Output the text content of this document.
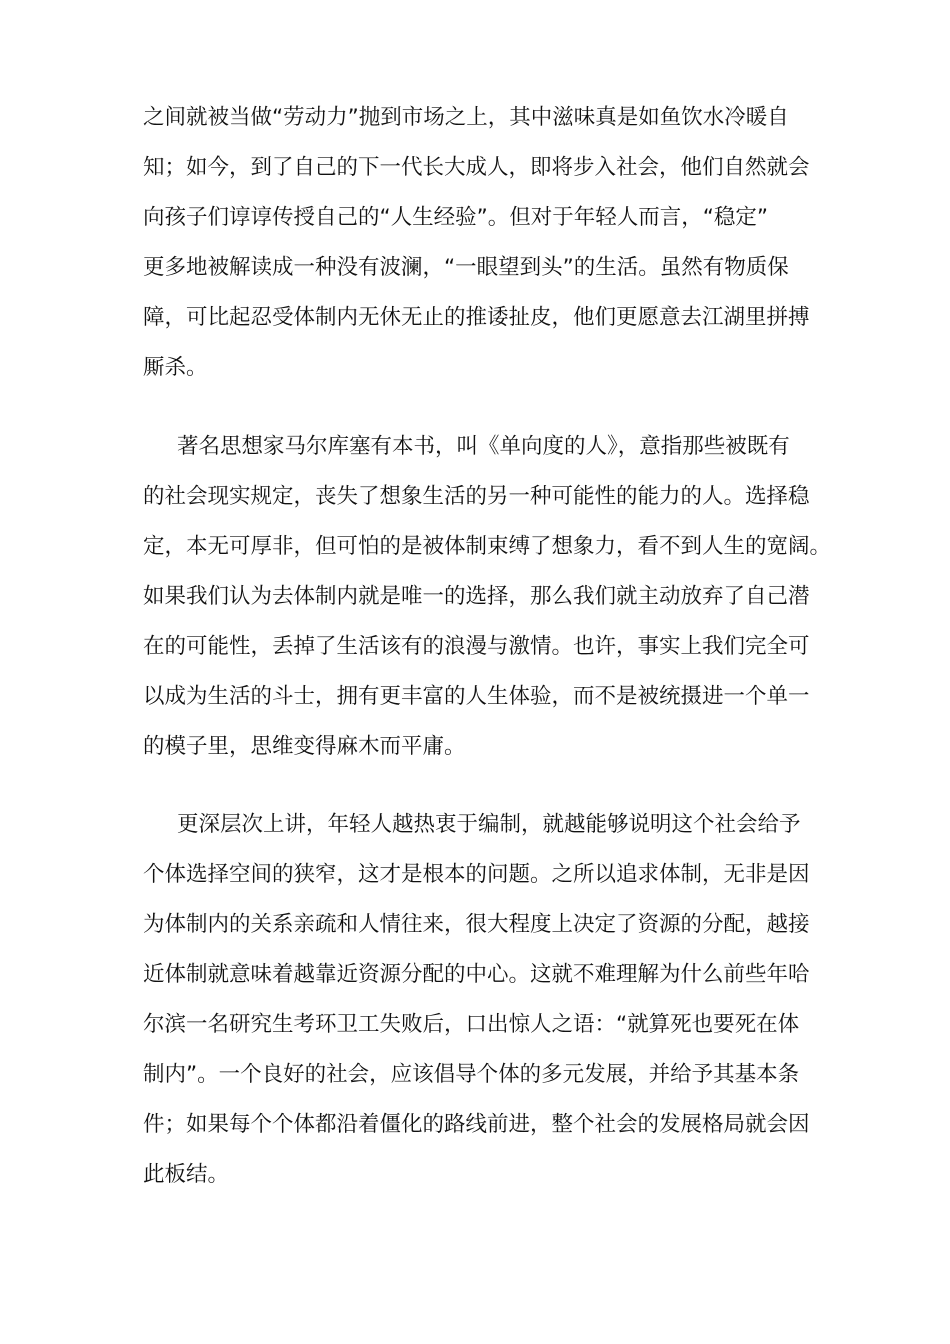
之间就被当做“劳动力”抛到市场之上，其中滋味真是如鱼饮水冷暖自
知；如今，到了自己的下一代长大成人，即将步入社会，他们自然就会
向孩子们谆谆传授自己的“人生经验”。但对于年轻人而言，“稳定”
更多地被解读成一种没有波澜，“一眼望到头”的生活。虽然有物质保
障，可比起忍受体制内无休无止的推诿扯皮，他们更愿意去江湖里拼搏
厮杀。
著名思想家马尔库塞有本书，叫《单向度的人》，意指那些被既有
的社会现实规定，丧失了想象生活的另一种可能性的能力的人。选择稳
定，本无可厚非，但可怕的是被体制束缚了想象力，看不到人生的宽阔。
如果我们认为去体制内就是唯一的选择，那么我们就主动放弃了自己潜
在的可能性，丢掉了生活该有的浪漫与激情。也许，事实上我们完全可
以成为生活的斗士，拥有更丰富的人生体验，而不是被统摄进一个单一
的模子里，思维变得麻木而平庸。
更深层次上讲，年轻人越热衷于编制，就越能够说明这个社会给予
个体选择空间的狭窄，这才是根本的问题。之所以追求体制，无非是因
为体制内的关系亲疏和人情往来，很大程度上决定了资源的分配，越接
近体制就意味着越靠近资源分配的中心。这就不难理解为什么前些年哈
尔滨一名研究生考环卫工失败后，口出惊人之语：“就算死也要死在体
制内”。一个良好的社会，应该倡导个体的多元发展，并给予其基本条
件；如果每个个体都沿着僵化的路线前进，整个社会的发展格局就会因
此板结。
